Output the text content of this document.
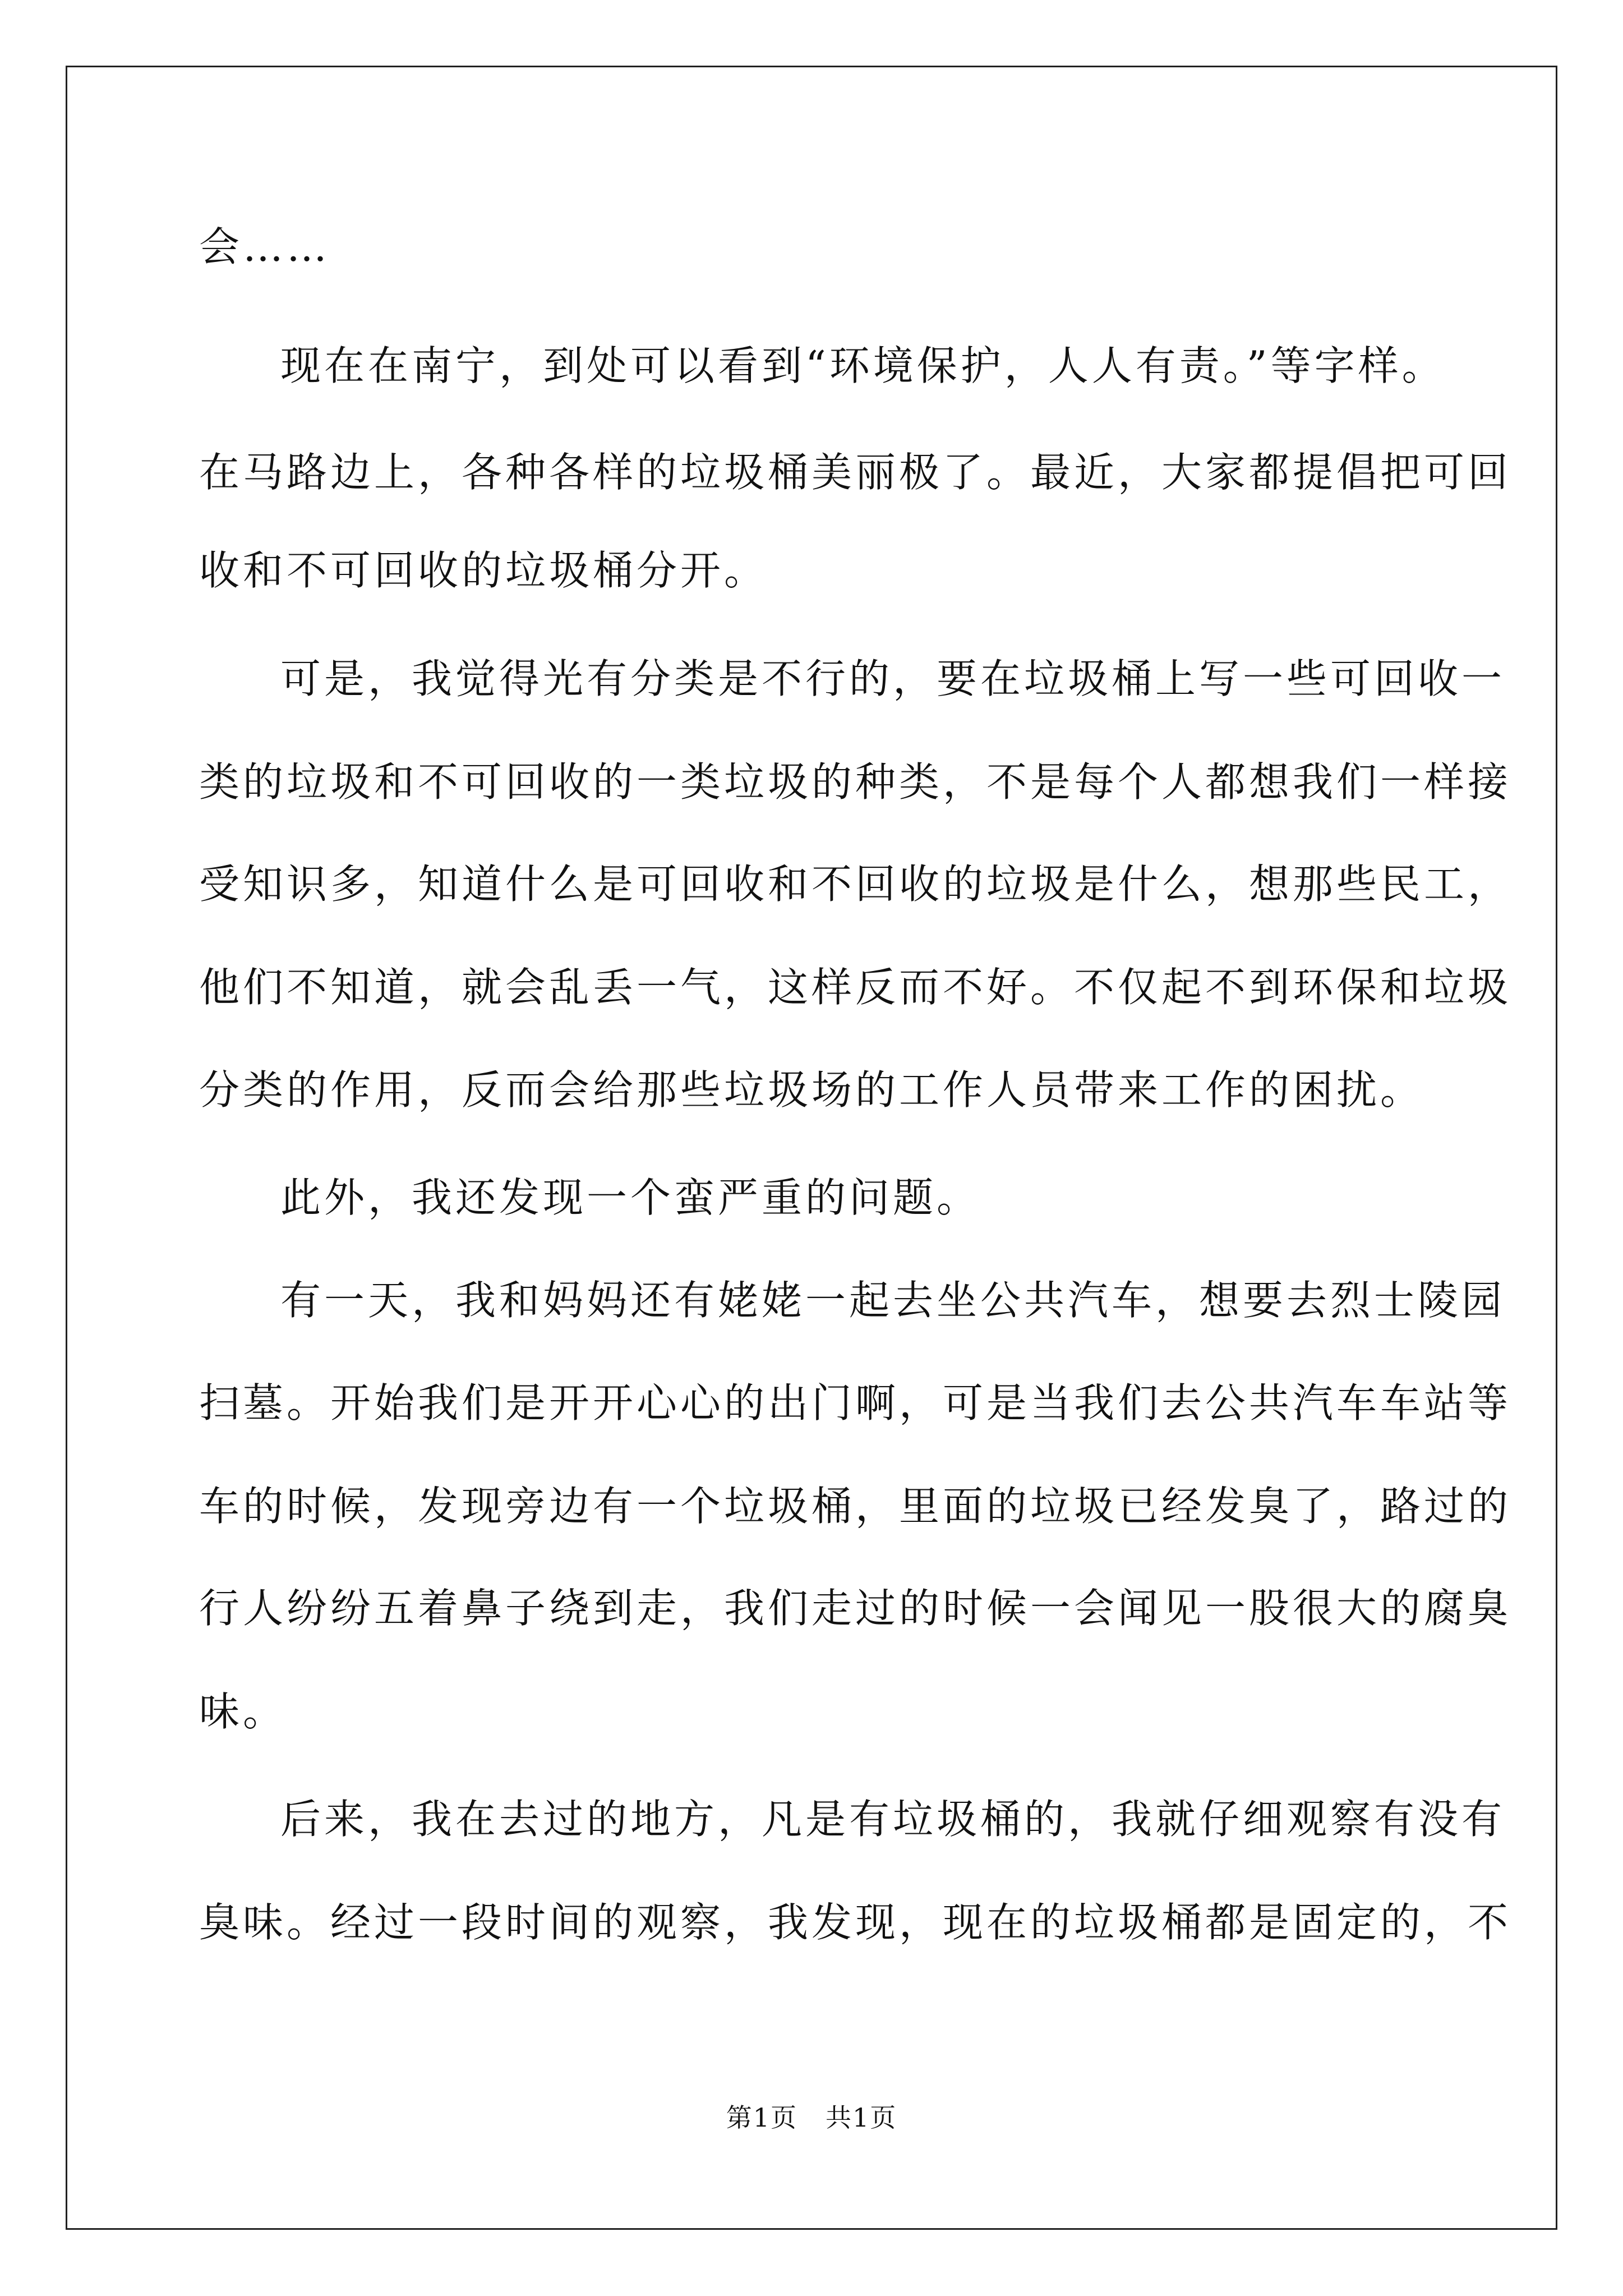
会……
现在在南宁，到处可以看到“环境保护，人人有责。”等字样。
在马路边上，各种各样的垃圾桶美丽极了。最近，大家都提倡把可回
收和不可回收的垃圾桶分开。
可是，我觉得光有分类是不行的，要在垃圾桶上写一些可回收一
类的垃圾和不可回收的一类垃圾的种类，不是每个人都想我们一样接
受知识多，知道什么是可回收和不回收的垃圾是什么，想那些民工，
他们不知道，就会乱丢一气，这样反而不好。不仅起不到环保和垃圾
分类的作用，反而会给那些垃圾场的工作人员带来工作的困扰。
此外，我还发现一个蛮严重的问题。
有一天，我和妈妈还有姥姥一起去坐公共汽车，想要去烈士陵园
扫墓。开始我们是开开心心的出门啊，可是当我们去公共汽车车站等
车的时候，发现旁边有一个垃圾桶，里面的垃圾已经发臭了，路过的
行人纷纷五着鼻子绕到走，我们走过的时候一会闻见一股很大的腐臭
味。
后来，我在去过的地方，凡是有垃圾桶的，我就仔细观察有没有
臭味。经过一段时间的观察，我发现，现在的垃圾桶都是固定的，不
第1页 共1页
